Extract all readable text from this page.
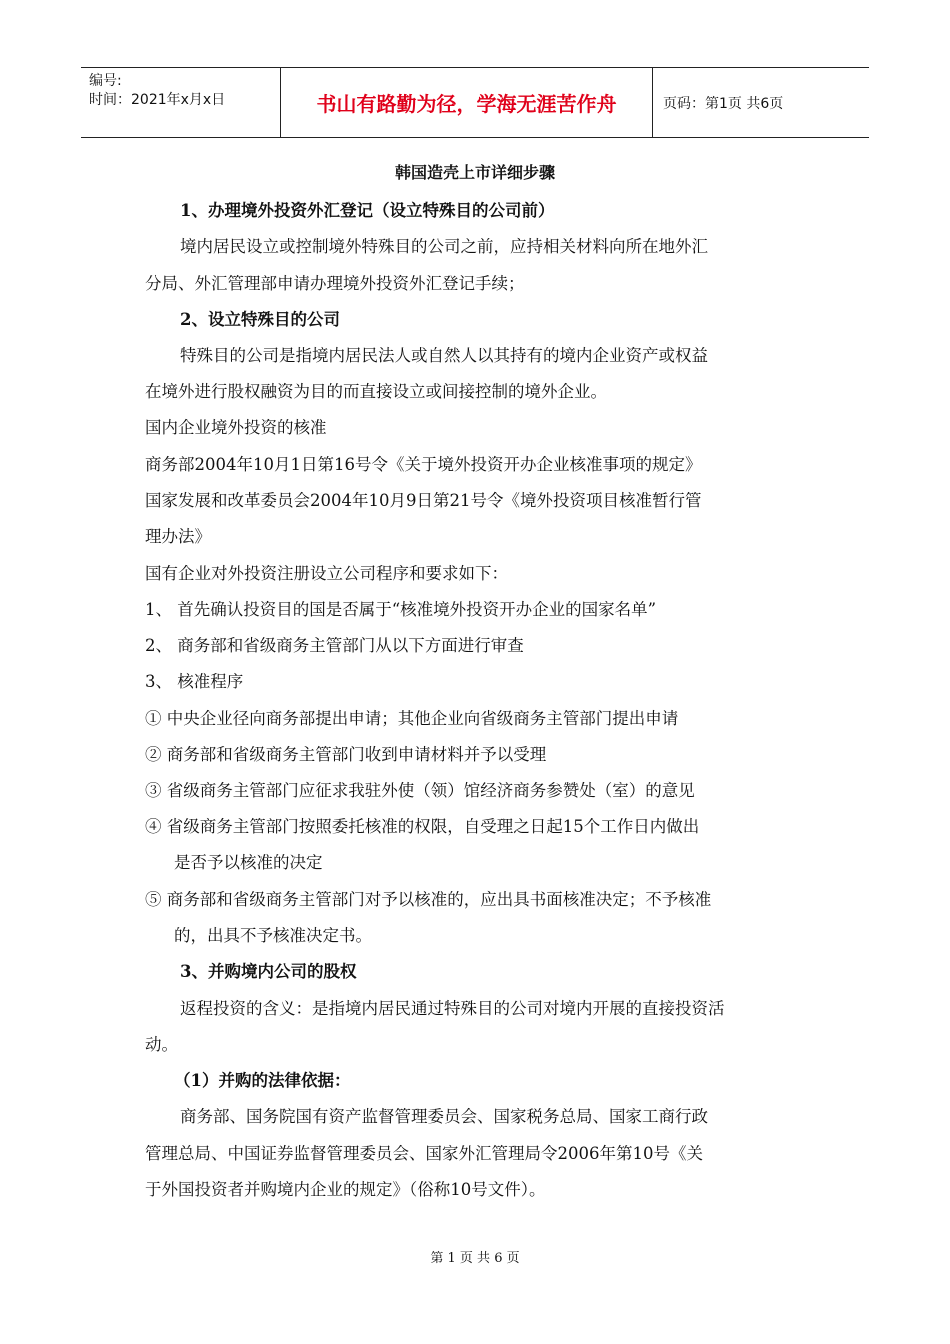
编号:
时间：2021年x月x日	书山有路勤为径，学海无涯苦作舟	页码：第1页 共6页
韩国造壳上市详细步骤
1、办理境外投资外汇登记（设立特殊目的公司前）
境内居民设立或控制境外特殊目的公司之前，应持相关材料向所在地外汇
分局、外汇管理部申请办理境外投资外汇登记手续；
2、设立特殊目的公司
特殊目的公司是指境内居民法人或自然人以其持有的境内企业资产或权益
在境外进行股权融资为目的而直接设立或间接控制的境外企业。
国内企业境外投资的核准
商务部2004年10月1日第16号令《关于境外投资开办企业核准事项的规定》
国家发展和改革委员会2004年10月9日第21号令《境外投资项目核准暂行管
理办法》
国有企业对外投资注册设立公司程序和要求如下：
1、 首先确认投资目的国是否属于“核准境外投资开办企业的国家名单”
2、 商务部和省级商务主管部门从以下方面进行审查
3、 核准程序
① 中央企业径向商务部提出申请；其他企业向省级商务主管部门提出申请
② 商务部和省级商务主管部门收到申请材料并予以受理
③ 省级商务主管部门应征求我驻外使（领）馆经济商务参赞处（室）的意见
④ 省级商务主管部门按照委托核准的权限，自受理之日起15个工作日内做出
是否予以核准的决定
⑤ 商务部和省级商务主管部门对予以核准的，应出具书面核准决定；不予核准
的，出具不予核准决定书。
3、并购境内公司的股权
返程投资的含义：是指境内居民通过特殊目的公司对境内开展的直接投资活
动。
（1）并购的法律依据：
商务部、国务院国有资产监督管理委员会、国家税务总局、国家工商行政
管理总局、中国证券监督管理委员会、国家外汇管理局令2006年第10号《关
于外国投资者并购境内企业的规定》（俗称10号文件）。
第 1 页 共 6 页
